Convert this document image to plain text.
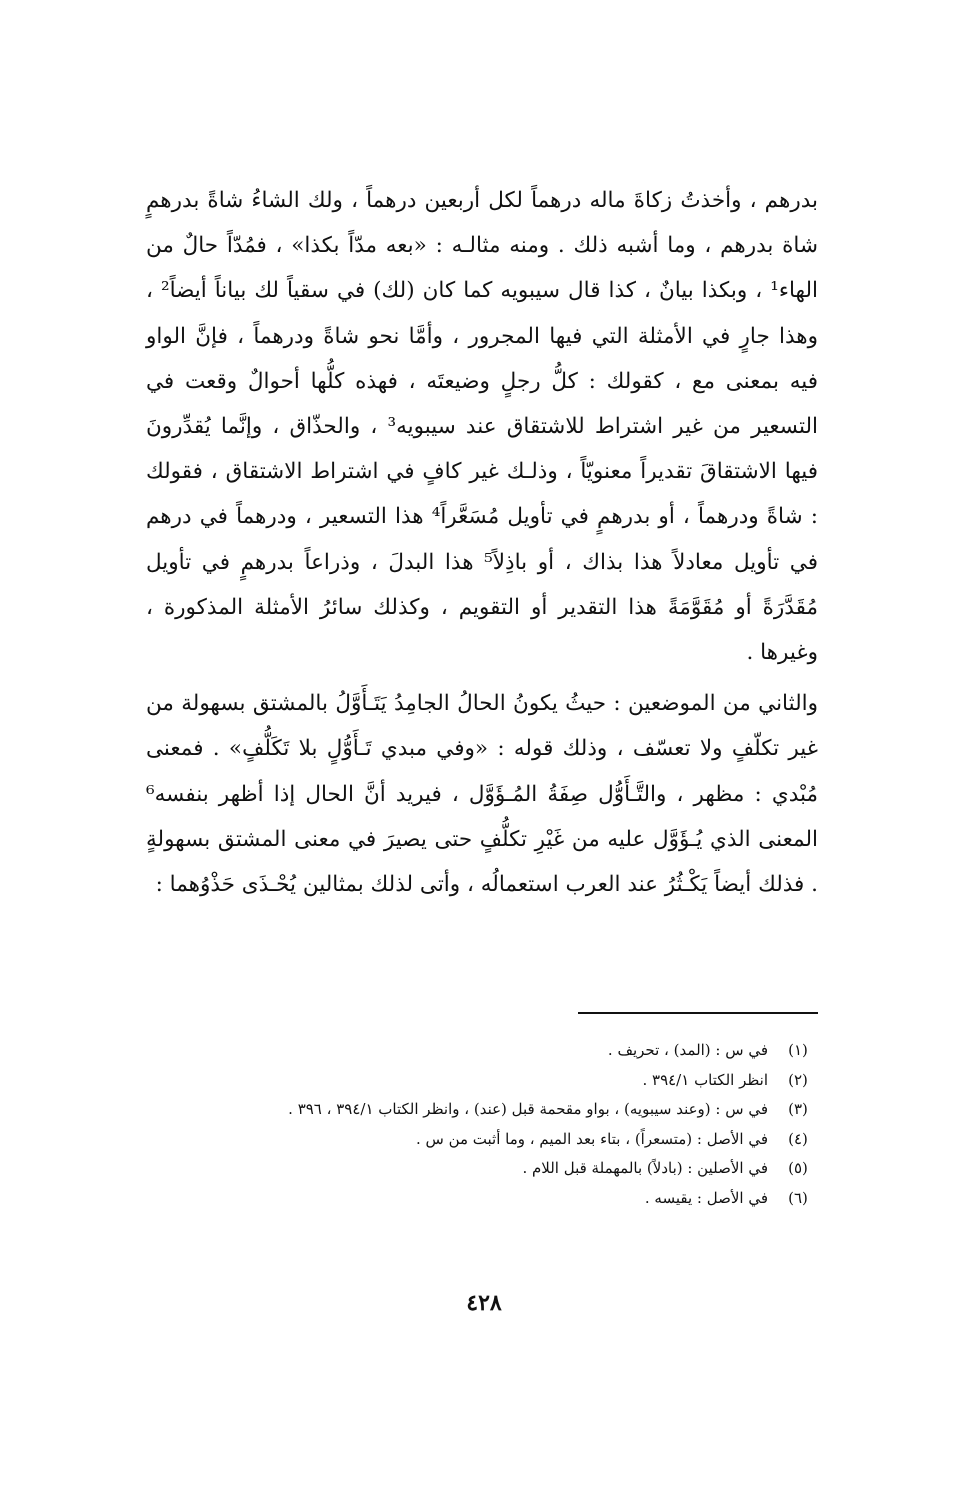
بدرهم ، وأخذتُ زكاةَ ماله درهماً لكل أربعين درهماً ، ولك الشاءُ شاةً بدرهمٍ شاة بدرهم ، وما أشبه ذلك . ومنه مثالـه : «بعه مدّاً بكذا» ، فمُدّاً حالٌ من الهاء¹ ، وبكذا بيانٌ ، كذا قال سيبويه كما كان (لك) في سقياً لك بياناً أيضاً² ، وهذا جارٍ في الأمثلة التي فيها المجرور ، وأمَّا نحو شاةً ودرهماً ، فإنَّ الواو فيه بمعنى مع ، كقولك : كلُّ رجلٍ وضيعتَه ، فهذه كلُّها أحوالٌ وقعت في التسعير من غير اشتراط للاشتقاق عند سيبويه³ ، والحذّاق ، وإنَّما يُقدِّرونَ فيها الاشتقاقَ تقديراً معنويّاً ، وذلـك غير كافٍ في اشتراط الاشتقاق ، فقولك : شاةً ودرهماً ، أو بدرهمٍ في تأويل مُسَعَّراً⁴ هذا التسعير ، ودرهماً في درهم في تأويل معادلاً هذا بذاك ، أو باذِلاً⁵ هذا البدلَ ، وذراعاً بدرهمٍ في تأويل مُقَدَّرَةً أو مُقَوَّمَةً هذا التقدير أو التقويم ، وكذلك سائرُ الأمثلة المذكورة ، وغيرها .

والثاني من الموضعين : حيثُ يكونُ الحالُ الجامِدُ يَتَـأَوَّلُ بالمشتق بسهولة من غير تكلّفٍ ولا تعسّف ، وذلك قوله : «وفي مبدي تَـأَوُّلٍ بلا تَكَلُّفٍ» . فمعنى مُبْدي : مظهر ، والتَّـأَوُّل صِفَةُ المُـؤَوَّل ، فيريد أنَّ الحال إذا أظهر بنفسه⁶ المعنى الذي يُـؤَوَّل عليه من غَيْرِ تكلُّفٍ حتى يصيرَ في معنى المشتق بسهولةٍ . فذلك أيضاً يَكْـثُرُ عند العرب استعمالُه ، وأتى لذلك بمثالين يُحْـذَى حَذْوُهما :

(١)
في س : (المد) ، تحريف .
(٢)
انظر الكتاب ٣٩٤/١ .
(٣)
في س : (وعند سيبويه) ، بواو مقحمة قبل (عند) ، وانظر الكتاب ٣٩٤/١ ، ٣٩٦ .
(٤)
في الأصل : (متسعراً) ، بتاء بعد الميم ، وما أثبت من س .
(٥)
في الأصلين : (بادلاً) بالمهملة قبل اللام .
(٦)
في الأصل : يقيسه .
٤٢٨
